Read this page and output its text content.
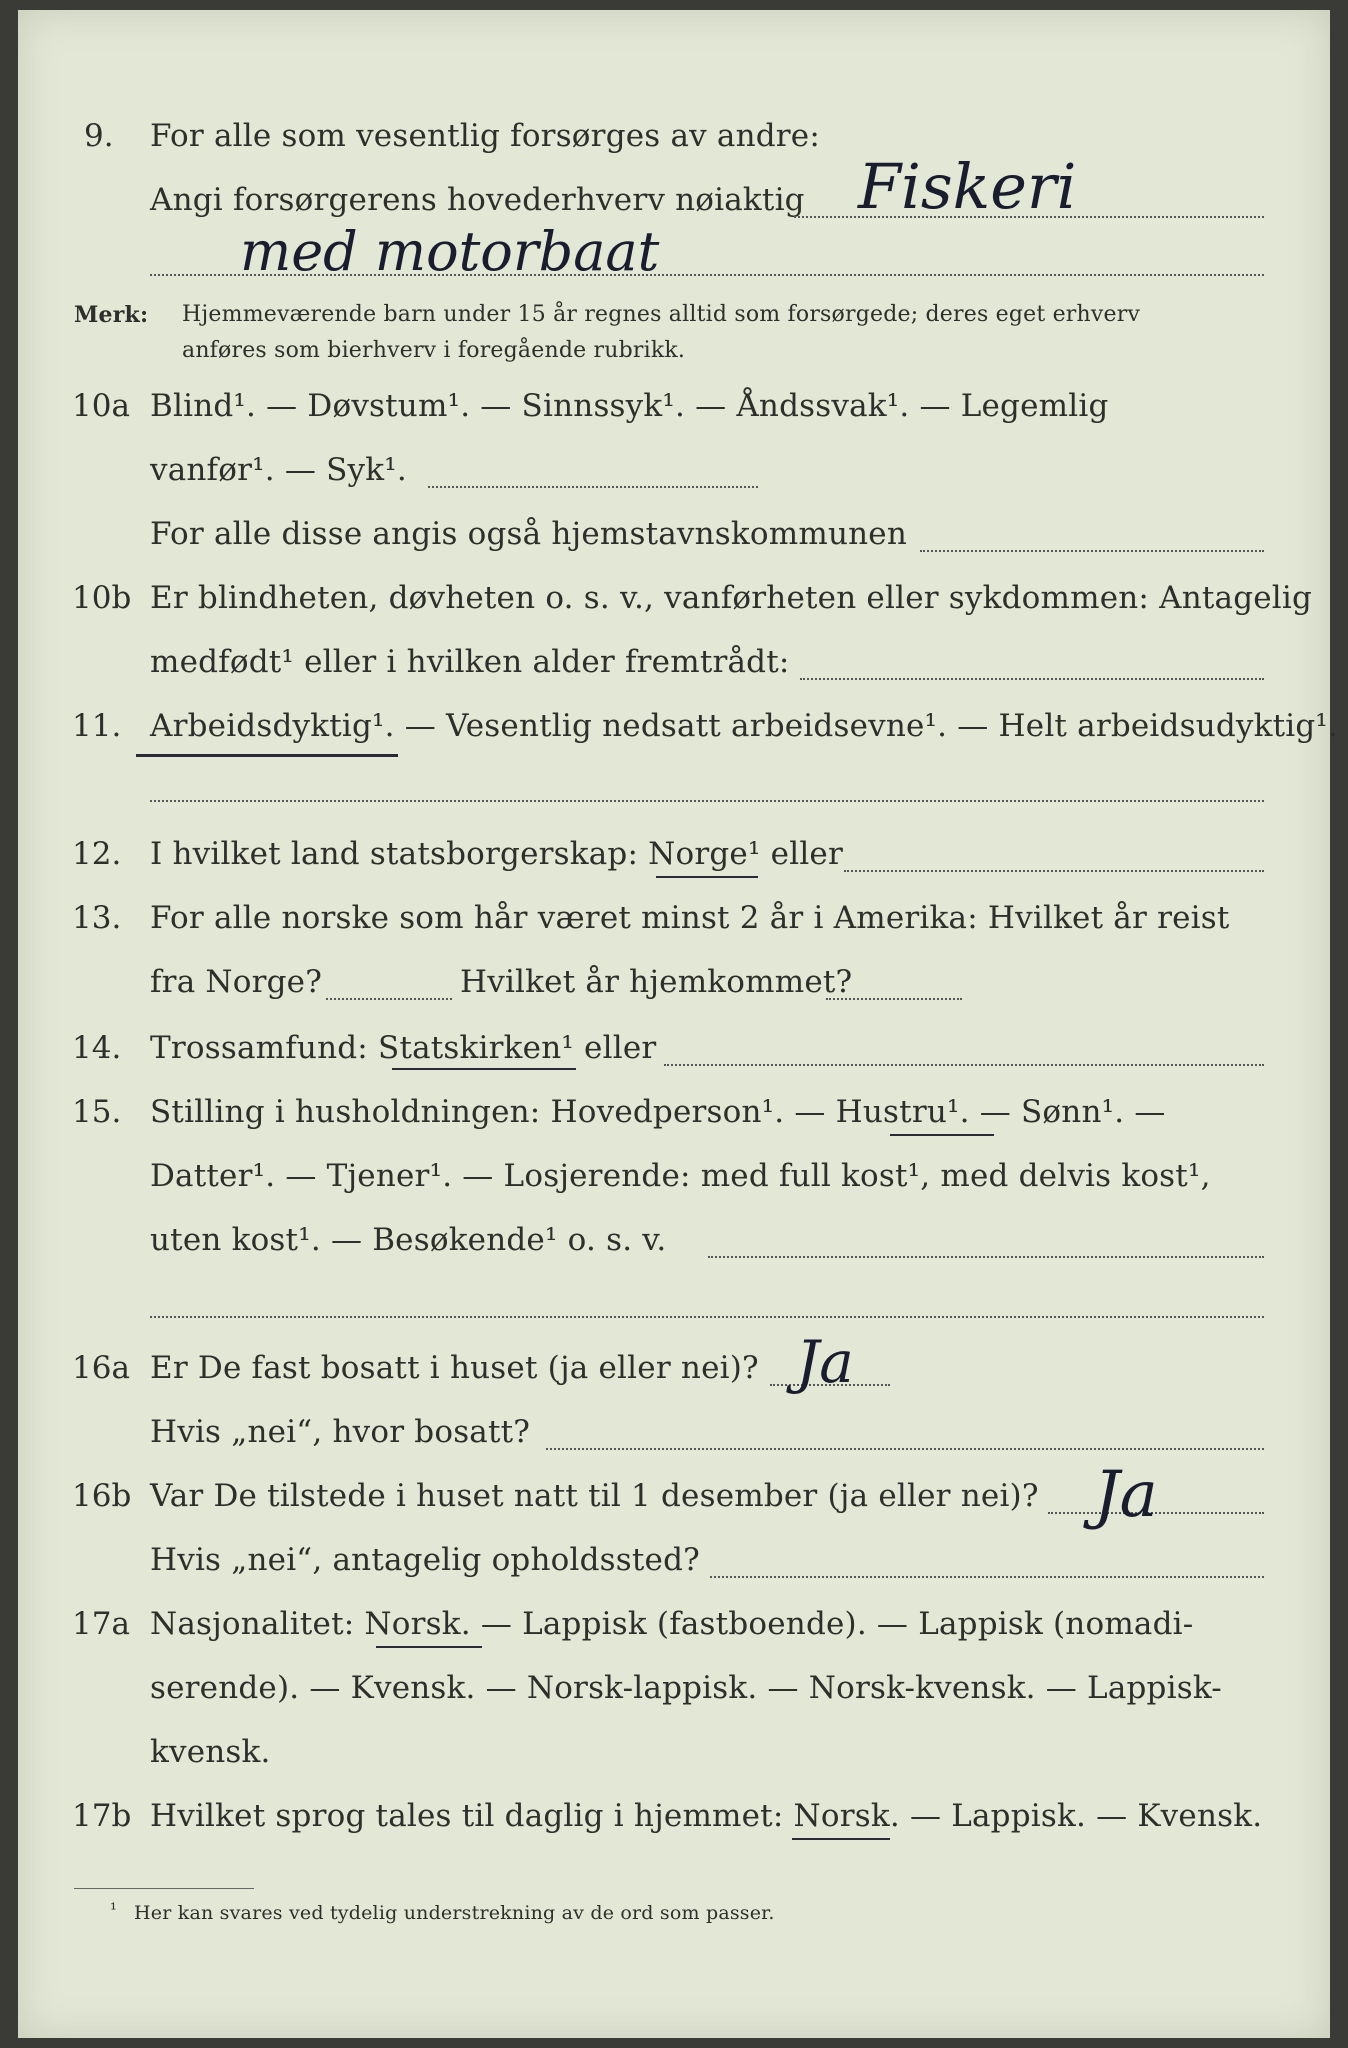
9. For alle som vesentlig forsørges av andre:
Angi forsørgerens hovederhverv nøiaktig Fiskeri
med motorbaat
Merk: Hjemmeværende barn under 15 år regnes alltid som forsørgede; deres eget erhverv
anføres som bierhverv i foregående rubrikk.
10a Blind¹. — Døvstum¹. — Sinnssyk¹. — Åndssvak¹. — Legemlig
vanfør¹. — Syk¹.
For alle disse angis også hjemstavnskommunen
10b Er blindheten, døvheten o. s. v., vanførheten eller sykdommen: Antagelig
medfødt¹ eller i hvilken alder fremtrådt:
11. Arbeidsdyktig¹. — Vesentlig nedsatt arbeidsevne¹. — Helt arbeidsudyktig¹.
12. I hvilket land statsborgerskap: Norge¹ eller
13. For alle norske som hår været minst 2 år i Amerika: Hvilket år reist
fra Norge?	Hvilket år hjemkommet?
14. Trossamfund: Statskirken¹ eller
15. Stilling i husholdningen: Hovedperson¹. — Hustru¹. — Sønn¹. —
Datter¹. — Tjener¹. — Losjerende: med full kost¹, med delvis kost¹,
uten kost¹. — Besøkende¹ o. s. v.
16a Er De fast bosatt i huset (ja eller nei)? Ja
Hvis „nei“, hvor bosatt?
16b Var De tilstede i huset natt til 1 desember (ja eller nei)? Ja
Hvis „nei“, antagelig opholdssted?
17a Nasjonalitet: Norsk. — Lappisk (fastboende). — Lappisk (nomadi-
serende). — Kvensk. — Norsk-lappisk. — Norsk-kvensk. — Lappisk-
kvensk.
17b Hvilket sprog tales til daglig i hjemmet: Norsk. — Lappisk. — Kvensk.
¹ Her kan svares ved tydelig understrekning av de ord som passer.
